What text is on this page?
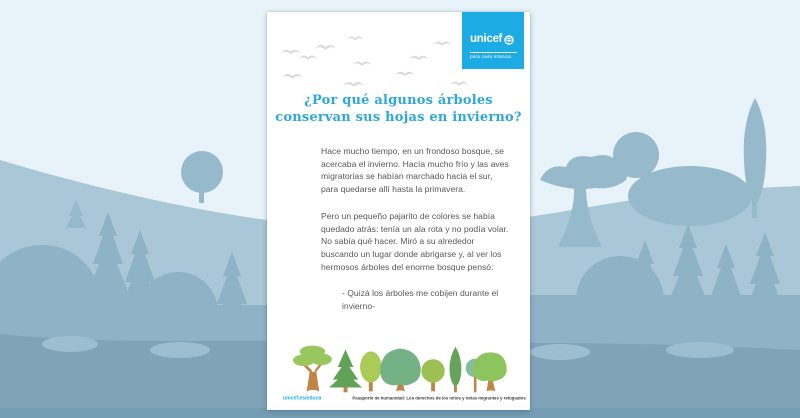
unicef
para cada infancia
¿Por qué algunos árboles
conservan sus hojas en invierno?

Hace mucho tiempo, en un frondoso bosque, se acercaba el invierno. Hacía mucho frío y las aves migratorias se habían marchado hacia el sur, para quedarse allí hasta la primavera.

Pero un pequeño pajarito de colores se había quedado atrás: tenía un ala rota y no podía volar. No sabía qué hacer. Miró a su alrededor buscando un lugar donde abrigarse y, al ver los hermosos árboles del enorme bosque pensó:

- Quizá los árboles me cobijen durante el invierno-

unicef.es/educa	Pasaporte de humanidad: Los derechos de los niños y niñas migrantes y refugiados
